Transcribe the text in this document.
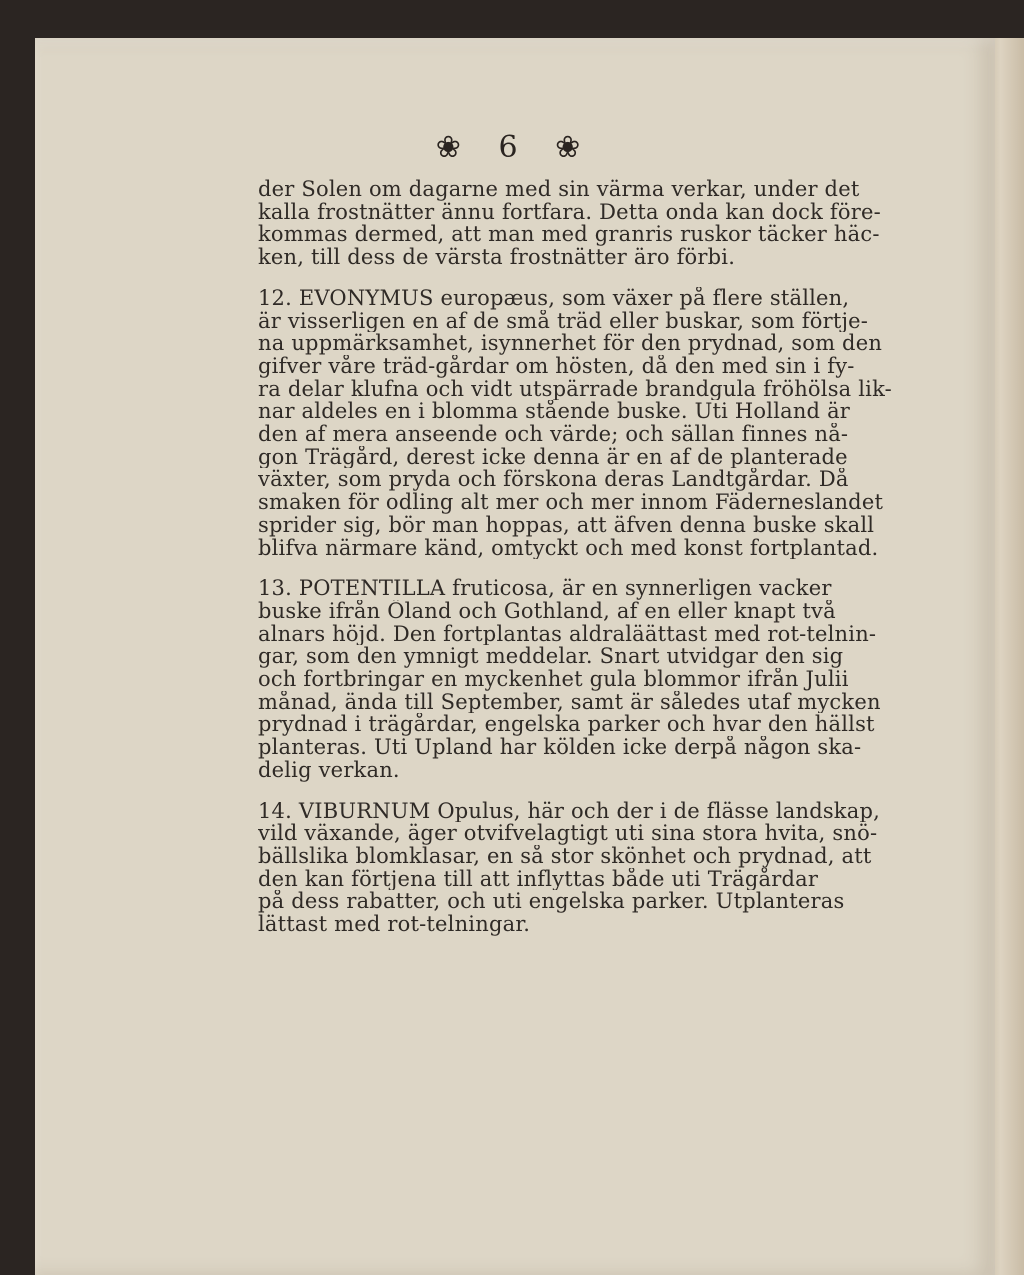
❀ 6 ❀
der Solen om dagarne med sin värma verkar, under det
kalla frostnätter ännu fortfara. Detta ondа kan dock före-
kommas dermed, att man med granris ruskor täcker häc-
ken, till dess de värsta frostnätter äro förbi.
12. EVONYMUS europæus, som växer på flere ställen,
är visserligen en af de små träd eller buskar, som förtje-
na uppmärksamhet, isynnerhet för den prydnad, som den
gifver våre träd-gårdar om hösten, då den med sin i fy-
ra delar klufna och vidt utspärrade brandgula fröhölsa lik-
nar aldeles en i blomma stående buske. Uti Holland är
den af mera anseende och värde; och sällan finnes nå-
gon Trägård, derest icke denna är en af de planterade
växter, som pryda och förskona deras Landtgårdar. Då
smaken för odling alt mer och mer innom Fäderneslandet
sprider sig, bör man hoppas, att äfven denna buske skall
blifva närmare känd, omtyckt och med konst fortplantad.
13. POTENTILLA fruticosa, är en synnerligen vacker
buske ifrån Öland och Gothland, af en eller knapt två
alnars höjd. Den fortplantas aldraläättast med rot-telnin-
gar, som den ymnigt meddelar. Snart utvidgar den sig
och fortbringar en myckenhet gula blommor ifrån Julii
månad, ända till September, samt är således utaf mycken
prydnad i trägårdar, engelska parker och hvar den hällst
planteras. Uti Upland har kölden icke derpå någon ska-
delig verkan.
14. VIBURNUM Opulus, här och der i de flässe landskap,
vild växande, äger otvifvelagtigt uti sina stora hvita, snö-
bällslika blomklasar, en så stor skönhet och prydnad, att
den kan förtjena till att inflyttas både uti Trägårdar
på dess rabatter, och uti engelska parker. Utplanteras
lättast med rot-telningar.
